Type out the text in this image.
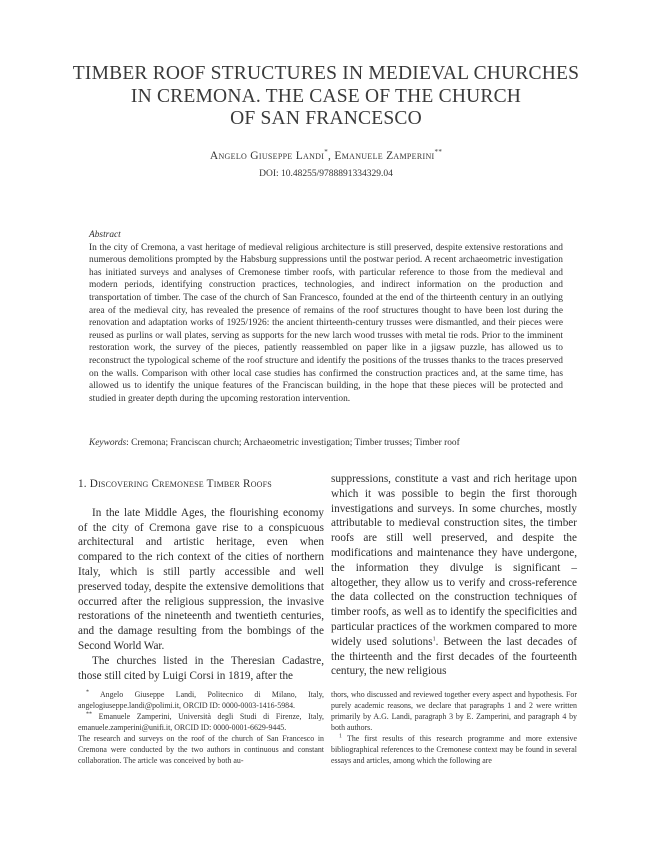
TIMBER ROOF STRUCTURES IN MEDIEVAL CHURCHES
IN CREMONA. THE CASE OF THE CHURCH
OF SAN FRANCESCO
Angelo Giuseppe Landi*, Emanuele Zamperini**
DOI: 10.48255/9788891334329.04
Abstract

In the city of Cremona, a vast heritage of medieval religious architecture is still preserved, despite extensive restorations and numerous demolitions prompted by the Habsburg suppressions until the postwar period. A recent archaeometric investigation has initiated surveys and analyses of Cremonese timber roofs, with particular reference to those from the medieval and modern periods, identifying construction practices, technologies, and indirect information on the production and transportation of timber. The case of the church of San Francesco, founded at the end of the thirteenth century in an outlying area of the medieval city, has revealed the presence of remains of the roof structures thought to have been lost during the renovation and adaptation works of 1925/1926: the ancient thirteenth-century trusses were dismantled, and their pieces were reused as purlins or wall plates, serving as supports for the new larch wood trusses with metal tie rods. Prior to the imminent restoration work, the survey of the pieces, patiently reassembled on paper like in a jigsaw puzzle, has allowed us to reconstruct the typological scheme of the roof structure and identify the positions of the trusses thanks to the traces preserved on the walls. Comparison with other local case studies has confirmed the construction practices and, at the same time, has allowed us to identify the unique features of the Franciscan building, in the hope that these pieces will be protected and studied in greater depth during the upcoming restoration intervention.

Keywords: Cremona; Franciscan church; Archaeometric investigation; Timber trusses; Timber roof
1. Discovering Cremonese Timber Roofs

In the late Middle Ages, the flourishing economy of the city of Cremona gave rise to a conspicuous architectural and artistic heritage, even when compared to the rich context of the cities of northern Italy, which is still partly accessible and well preserved today, despite the extensive demolitions that occurred after the religious suppression, the invasive restorations of the nineteenth and twentieth centuries, and the damage resulting from the bombings of the Second World War.

The churches listed in the Theresian Cadastre, those still cited by Luigi Corsi in 1819, after the

suppressions, constitute a vast and rich heritage upon which it was possible to begin the first thorough investigations and surveys. In some churches, mostly attributable to medieval construction sites, the timber roofs are still well preserved, and despite the modifications and maintenance they have undergone, the information they divulge is significant – altogether, they allow us to verify and cross-reference the data collected on the construction techniques of timber roofs, as well as to identify the specificities and particular practices of the workmen compared to more widely used solutions$^1$. Between the last decades of the thirteenth and the first decades of the fourteenth century, the new religious

* Angelo Giuseppe Landi, Politecnico di Milano, Italy, angelogiuseppe.landi@polimi.it, ORCID ID: 0000-0003-1416-5984.

** Emanuele Zamperini, Università degli Studi di Firenze, Italy, emanuele.zamperini@unifi.it, ORCID ID: 0000-0001-6629-9445.

The research and surveys on the roof of the church of San Francesco in Cremona were conducted by the two authors in continuous and constant collaboration. The article was conceived by both au-

thors, who discussed and reviewed together every aspect and hypothesis. For purely academic reasons, we declare that paragraphs 1 and 2 were written primarily by A.G. Landi, paragraph 3 by E. Zamperini, and paragraph 4 by both authors.

$^1$ The first results of this research programme and more extensive bibliographical references to the Cremonese context may be found in several essays and articles, among which the following are
